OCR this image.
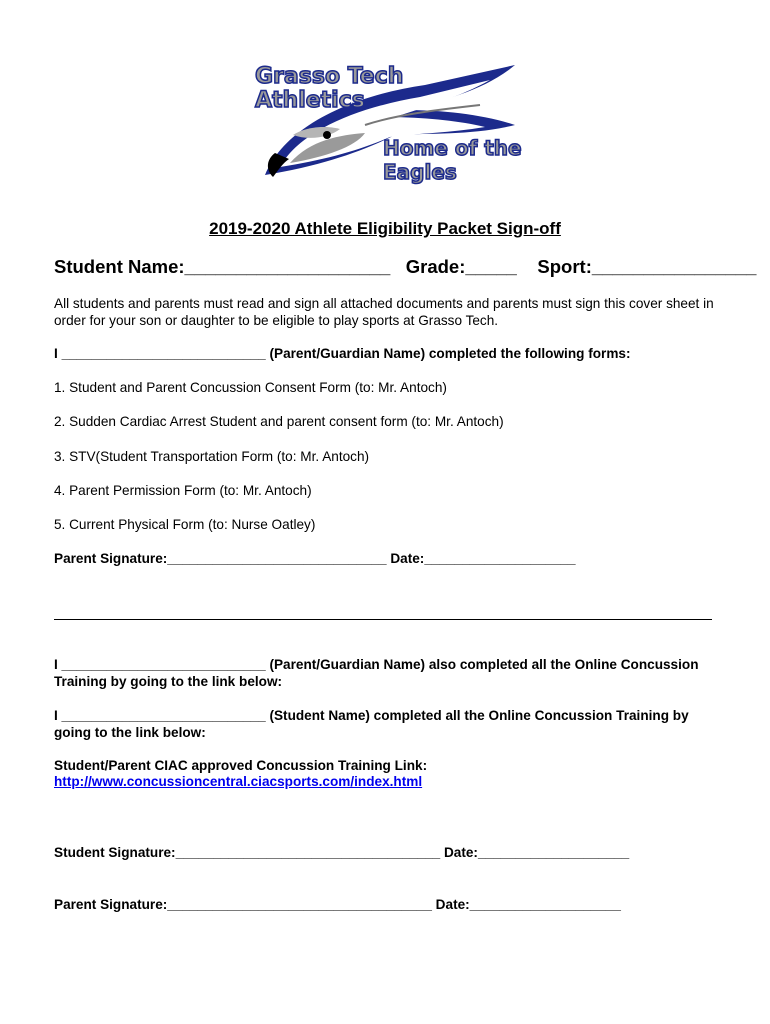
Grasso Tech
Athletics
Home of the
Eagles
2019-2020 Athlete Eligibility Packet Sign-off
Student Name:____________________ Grade:_____ Sport:________________
All students and parents must read and sign all attached documents and parents must sign this cover sheet in order for your son or daughter to be eligible to play sports at Grasso Tech.
I ___________________________ (Parent/Guardian Name) completed the following forms:
1. Student and Parent Concussion Consent Form (to: Mr. Antoch)
2. Sudden Cardiac Arrest Student and parent consent form (to: Mr. Antoch)
3. STV(Student Transportation Form (to: Mr. Antoch)
4. Parent Permission Form (to: Mr. Antoch)
5. Current Physical Form (to: Nurse Oatley)
Parent Signature:_____________________________ Date:____________________
I ___________________________ (Parent/Guardian Name) also completed all the Online Concussion Training by going to the link below:
I ___________________________ (Student Name) completed all the Online Concussion Training by going to the link below:
Student/Parent CIAC approved Concussion Training Link:
http://www.concussioncentral.ciacsports.com/index.html
Student Signature:___________________________________ Date:____________________
Parent Signature:___________________________________ Date:____________________
